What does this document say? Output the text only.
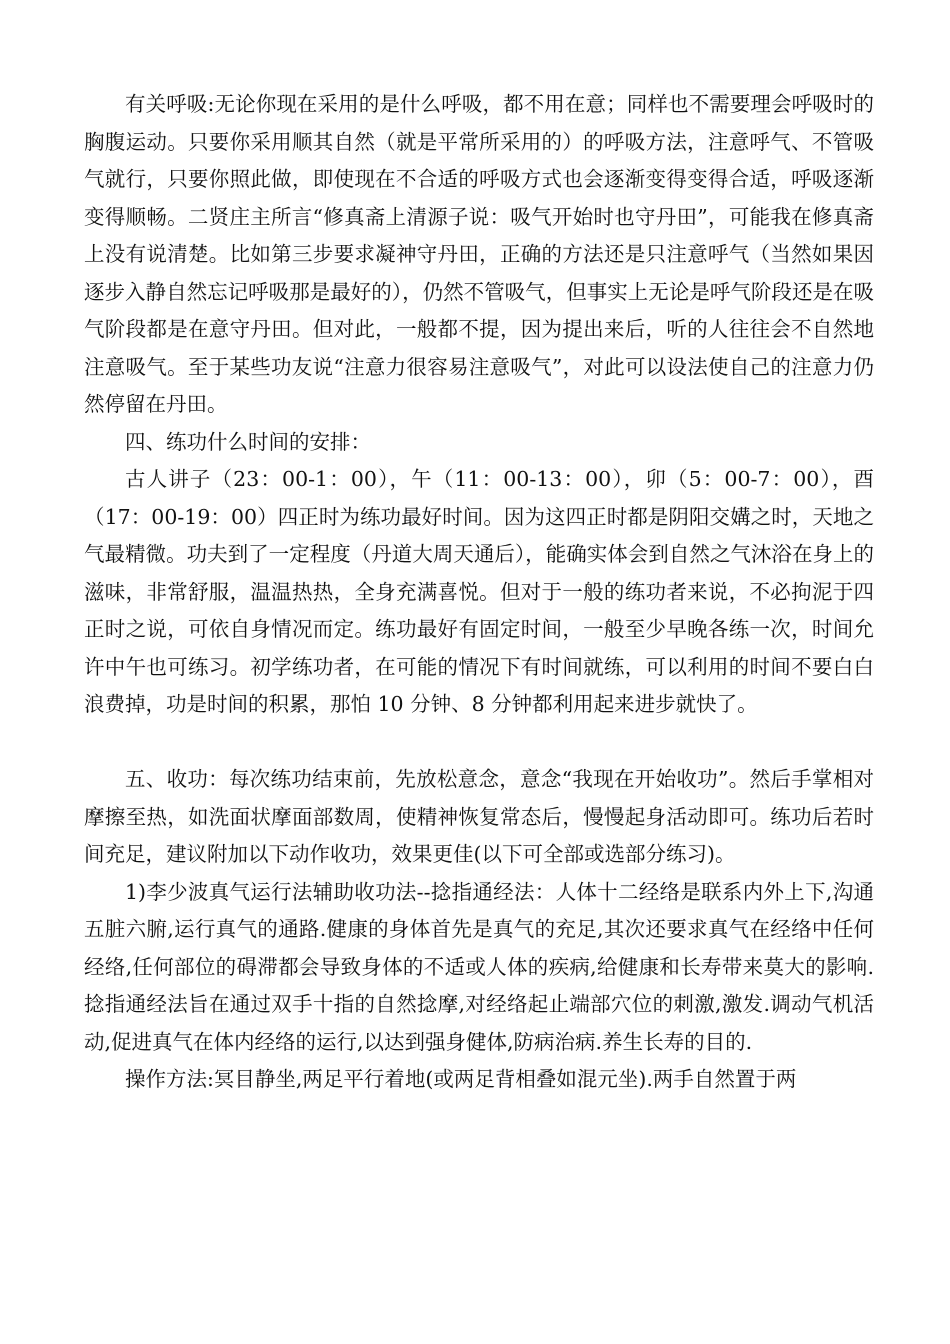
有关呼吸:无论你现在采用的是什么呼吸，都不用在意；同样也不需要理会呼吸时的胸腹运动。只要你采用顺其自然（就是平常所采用的）的呼吸方法，注意呼气、不管吸气就行，只要你照此做，即使现在不合适的呼吸方式也会逐渐变得变得合适，呼吸逐渐变得顺畅。二贤庄主所言“修真斋上清源子说：吸气开始时也守丹田”，可能我在修真斋上没有说清楚。比如第三步要求凝神守丹田，正确的方法还是只注意呼气（当然如果因逐步入静自然忘记呼吸那是最好的），仍然不管吸气，但事实上无论是呼气阶段还是在吸气阶段都是在意守丹田。但对此，一般都不提，因为提出来后，听的人往往会不自然地注意吸气。至于某些功友说“注意力很容易注意吸气”，对此可以设法使自己的注意力仍然停留在丹田。

四、练功什么时间的安排：

古人讲子（23：00-1：00），午（11：00-13：00），卯（5：00-7：00），酉（17：00-19：00）四正时为练功最好时间。因为这四正时都是阴阳交媾之时，天地之气最精微。功夫到了一定程度（丹道大周天通后），能确实体会到自然之气沐浴在身上的滋味，非常舒服，温温热热，全身充满喜悦。但对于一般的练功者来说，不必拘泥于四正时之说，可依自身情况而定。练功最好有固定时间，一般至少早晚各练一次，时间允许中午也可练习。初学练功者，在可能的情况下有时间就练，可以利用的时间不要白白浪费掉，功是时间的积累，那怕 10 分钟、8 分钟都利用起来进步就快了。

五、收功：每次练功结束前，先放松意念，意念“我现在开始收功”。然后手掌相对摩擦至热，如洗面状摩面部数周，使精神恢复常态后，慢慢起身活动即可。练功后若时间充足，建议附加以下动作收功，效果更佳(以下可全部或选部分练习)。

1)李少波真气运行法辅助收功法--捻指通经法：人体十二经络是联系内外上下,沟通五脏六腑,运行真气的通路.健康的身体首先是真气的充足,其次还要求真气在经络中任何经络,任何部位的碍滞都会导致身体的不适或人体的疾病,给健康和长寿带来莫大的影响.捻指通经法旨在通过双手十指的自然捻摩,对经络起止端部穴位的刺激,激发.调动气机活动,促进真气在体内经络的运行,以达到强身健体,防病治病.养生长寿的目的.

操作方法:冥目静坐,两足平行着地(或两足背相叠如混元坐).两手自然置于两
